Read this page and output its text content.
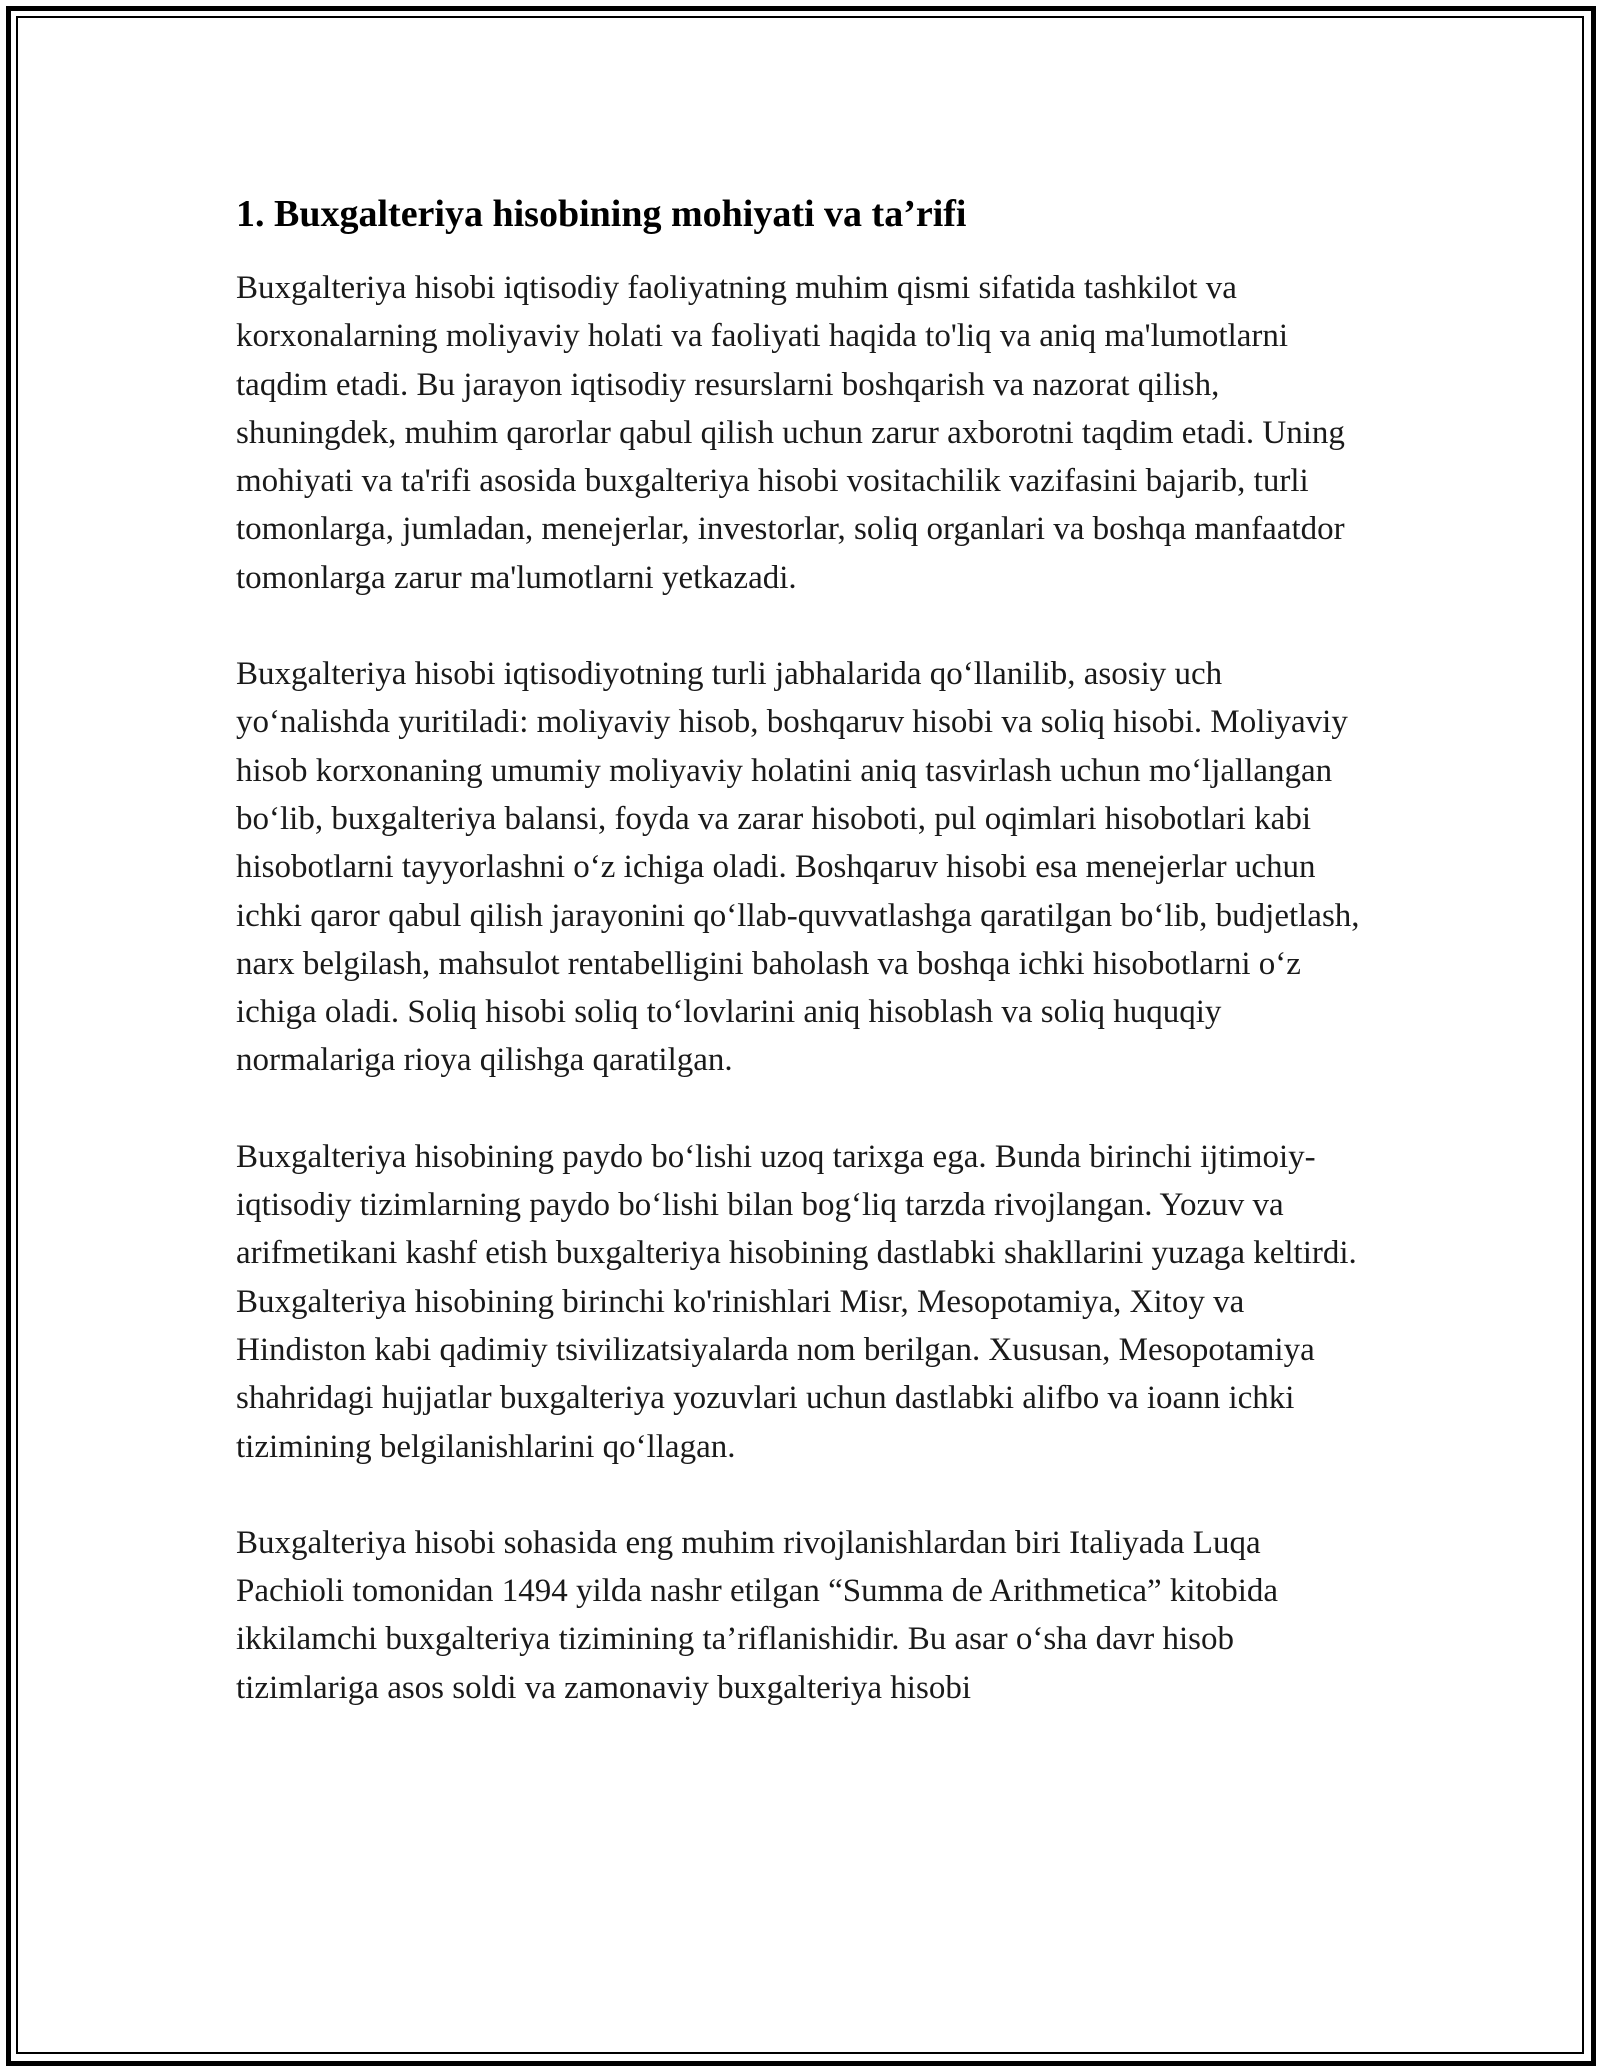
1. Buxgalteriya hisobining mohiyati va ta’rifi

Buxgalteriya hisobi iqtisodiy faoliyatning muhim qismi sifatida tashkilot va korxonalarning moliyaviy holati va faoliyati haqida to'liq va aniq ma'lumotlarni taqdim etadi. Bu jarayon iqtisodiy resurslarni boshqarish va nazorat qilish, shuningdek, muhim qarorlar qabul qilish uchun zarur axborotni taqdim etadi. Uning mohiyati va ta'rifi asosida buxgalteriya hisobi vositachilik vazifasini bajarib, turli tomonlarga, jumladan, menejerlar, investorlar, soliq organlari va boshqa manfaatdor tomonlarga zarur ma'lumotlarni yetkazadi.

Buxgalteriya hisobi iqtisodiyotning turli jabhalarida qo‘llanilib, asosiy uch yo‘nalishda yuritiladi: moliyaviy hisob, boshqaruv hisobi va soliq hisobi. Moliyaviy hisob korxonaning umumiy moliyaviy holatini aniq tasvirlash uchun mo‘ljallangan bo‘lib, buxgalteriya balansi, foyda va zarar hisoboti, pul oqimlari hisobotlari kabi hisobotlarni tayyorlashni o‘z ichiga oladi. Boshqaruv hisobi esa menejerlar uchun ichki qaror qabul qilish jarayonini qo‘llab-quvvatlashga qaratilgan bo‘lib, budjetlash, narx belgilash, mahsulot rentabelligini baholash va boshqa ichki hisobotlarni o‘z ichiga oladi. Soliq hisobi soliq to‘lovlarini aniq hisoblash va soliq huquqiy normalariga rioya qilishga qaratilgan.

Buxgalteriya hisobining paydo bo‘lishi uzoq tarixga ega. Bunda birinchi ijtimoiy-iqtisodiy tizimlarning paydo bo‘lishi bilan bog‘liq tarzda rivojlangan. Yozuv va arifmetikani kashf etish buxgalteriya hisobining dastlabki shakllarini yuzaga keltirdi. Buxgalteriya hisobining birinchi ko'rinishlari Misr, Mesopotamiya, Xitoy va Hindiston kabi qadimiy tsivilizatsiyalarda nom berilgan. Xususan, Mesopotamiya shahridagi hujjatlar buxgalteriya yozuvlari uchun dastlabki alifbo va ioann ichki tizimining belgilanishlarini qo‘llagan.

Buxgalteriya hisobi sohasida eng muhim rivojlanishlardan biri Italiyada Luqa Pachioli tomonidan 1494 yilda nashr etilgan “Summa de Arithmetica” kitobida ikkilamchi buxgalteriya tizimining ta’riflanishidir. Bu asar o‘sha davr hisob tizimlariga asos soldi va zamonaviy buxgalteriya hisobi
